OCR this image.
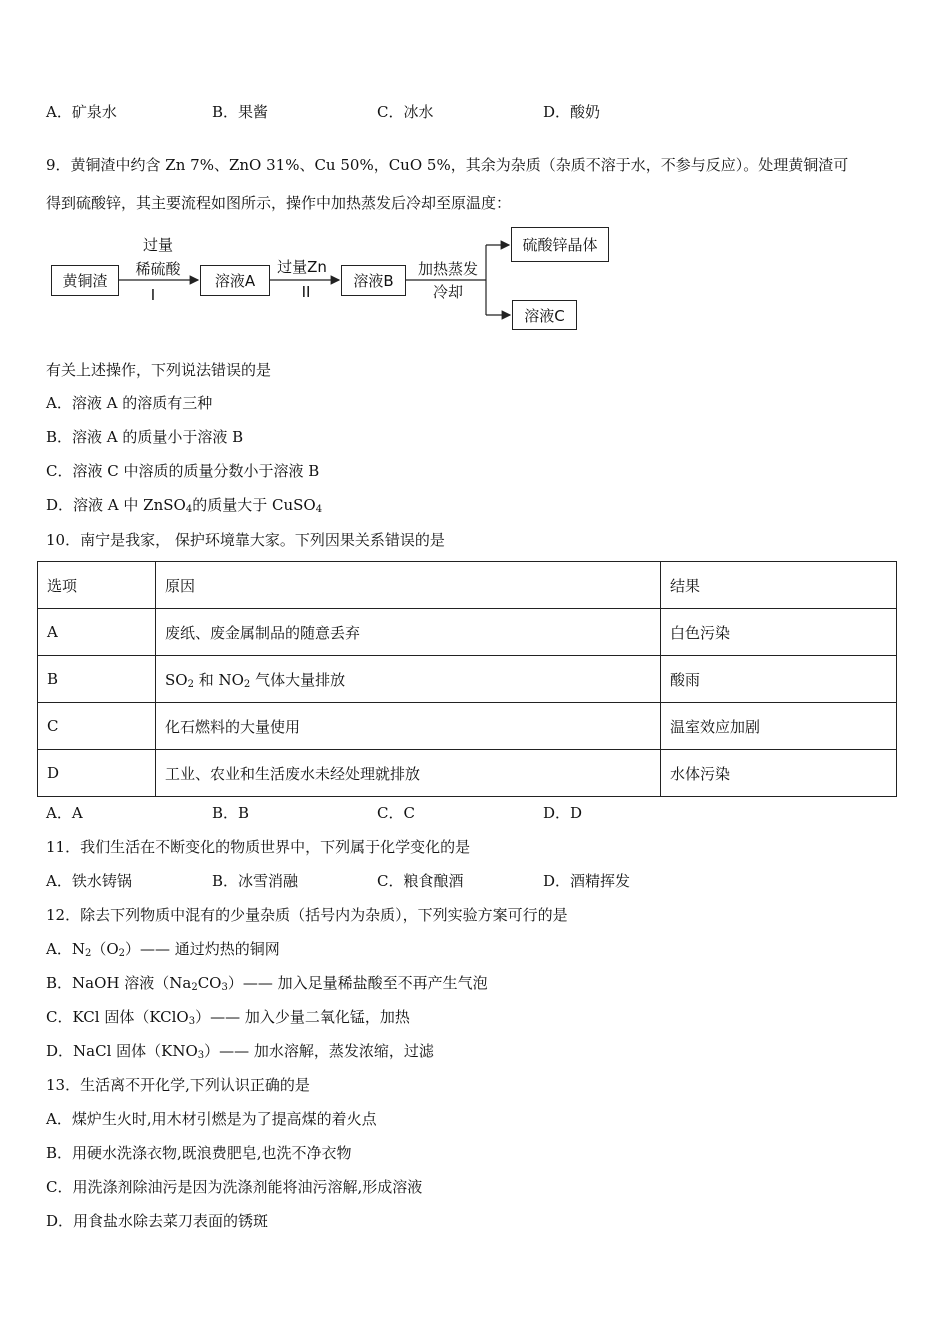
A．矿泉水	B．果酱	C．冰水	D．酸奶
9．黄铜渣中约含 Zn 7%、ZnO 31%、Cu 50%，CuO 5%，其余为杂质（杂质不溶于水，不参与反应）。处理黄铜渣可
得到硫酸锌，其主要流程如图所示，操作中加热蒸发后冷却至原温度：
黄铜渣
过量
稀硫酸
I
溶液A
过量Zn
II
溶液B
加热蒸发
冷却
硫酸锌晶体
溶液C
有关上述操作，下列说法错误的是
A．溶液 A 的溶质有三种
B．溶液 A 的质量小于溶液 B
C．溶液 C 中溶质的质量分数小于溶液 B
D．溶液 A 中 ZnSO$_4$的质量大于 CuSO$_4$
10．南宁是我家， 保护环境靠大家。下列因果关系错误的是
选项	原因	结果
A	废纸、废金属制品的随意丢弃	白色污染
B	$SO_2$ 和 $NO_2$ 气体大量排放	酸雨
C	化石燃料的大量使用	温室效应加剧
D	工业、农业和生活废水未经处理就排放	水体污染
A．A	B．B	C．C	D．D
11．我们生活在不断变化的物质世界中，下列属于化学变化的是
A．铁水铸锅	B．冰雪消融	C．粮食酿酒	D．酒精挥发
12．除去下列物质中混有的少量杂质（括号内为杂质），下列实验方案可行的是
A．$N_2(O_2)——$ 通过灼热的铜网
B．NaOH 溶液$(Na_2CO_3)——$ 加入足量稀盐酸至不再产生气泡
C．KCl 固体（KClO$_3$）—— 加入少量二氧化锰，加热
D．NaCl 固体$(KNO_3)——$ 加水溶解，蒸发浓缩，过滤
13．生活离不开化学,下列认识正确的是
A．煤炉生火时,用木材引燃是为了提高煤的着火点
B．用硬水洗涤衣物,既浪费肥皂,也洗不净衣物
C．用洗涤剂除油污是因为洗涤剂能将油污溶解,形成溶液
D．用食盐水除去菜刀表面的锈斑
